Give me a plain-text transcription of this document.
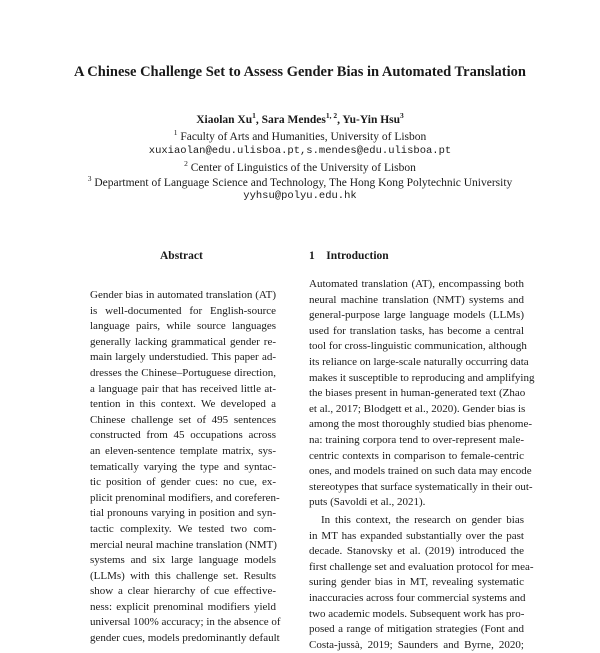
A Chinese Challenge Set to Assess Gender Bias in Automated Translation
Xiaolan Xu$^1$, Sara Mendes$^{1, 2}$, Yu-Yin Hsu$^3$
$^1$ Faculty of Arts and Humanities, University of Lisbon
xuxiaolan@edu.ulisboa.pt,s.mendes@edu.ulisboa.pt
$^2$ Center of Linguistics of the University of Lisbon
$^3$ Department of Language Science and Technology, The Hong Kong Polytechnic University
yyhsu@polyu.edu.hk
Abstract	1 Introduction
Gender bias in automated translation (AT)
is well-documented for English-source
language pairs, while source languages
generally lacking grammatical gender re-
main largely understudied. This paper ad-
dresses the Chinese–Portuguese direction,
a language pair that has received little at-
tention in this context. We developed a
Chinese challenge set of 495 sentences
constructed from 45 occupations across
an eleven-sentence template matrix, sys-
tematically varying the type and syntac-
tic position of gender cues: no cue, ex-
plicit prenominal modifiers, and coreferen-
tial pronouns varying in position and syn-
tactic complexity. We tested two com-
mercial neural machine translation (NMT)
systems and six large language models
(LLMs) with this challenge set. Results
show a clear hierarchy of cue effective-
ness: explicit prenominal modifiers yield
universal 100% accuracy; in the absence of
gender cues, models predominantly default
Automated translation (AT), encompassing both
neural machine translation (NMT) systems and
general-purpose large language models (LLMs)
used for translation tasks, has become a central
tool for cross-linguistic communication, although
its reliance on large-scale naturally occurring data
makes it susceptible to reproducing and amplifying
the biases present in human-generated text (Zhao
et al., 2017; Blodgett et al., 2020). Gender bias is
among the most thoroughly studied bias phenome-
na: training corpora tend to over-represent male-
centric contexts in comparison to female-centric
ones, and models trained on such data may encode
stereotypes that surface systematically in their out-
puts (Savoldi et al., 2021).
In this context, the research on gender bias
in MT has expanded substantially over the past
decade. Stanovsky et al. (2019) introduced the
first challenge set and evaluation protocol for mea-
suring gender bias in MT, revealing systematic
inaccuracies across four commercial systems and
two academic models. Subsequent work has pro-
posed a range of mitigation strategies (Font and
Costa-jussà, 2019; Saunders and Byrne, 2020;
